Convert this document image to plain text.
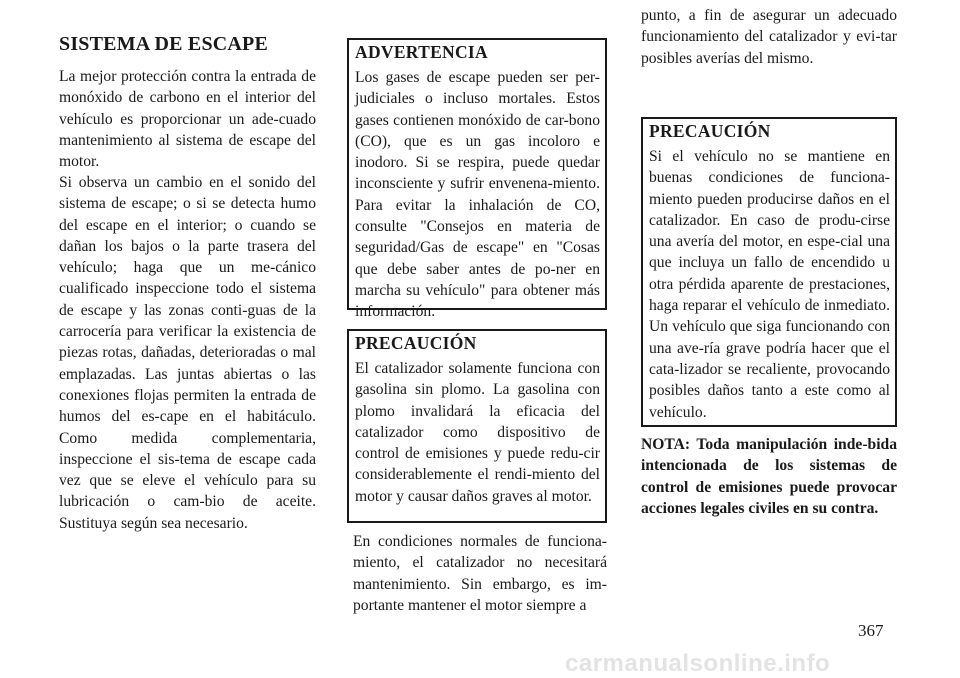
SISTEMA DE ESCAPE

La mejor protección contra la entrada de monóxido de carbono en el interior del vehículo es proporcionar un ade-cuado mantenimiento al sistema de escape del motor.

Si observa un cambio en el sonido del sistema de escape; o si se detecta humo del escape en el interior; o cuando se dañan los bajos o la parte trasera del vehículo; haga que un me-cánico cualificado inspeccione todo el sistema de escape y las zonas conti-guas de la carrocería para verificar la existencia de piezas rotas, dañadas, deterioradas o mal emplazadas. Las juntas abiertas o las conexiones flojas permiten la entrada de humos del es-cape en el habitáculo. Como medida complementaria, inspeccione el sis-tema de escape cada vez que se eleve el vehículo para su lubricación o cam-bio de aceite. Sustituya según sea necesario.

ADVERTENCIA

Los gases de escape pueden ser per-judiciales o incluso mortales. Estos gases contienen monóxido de car-bono (CO), que es un gas incoloro e inodoro. Si se respira, puede quedar inconsciente y sufrir envenena-miento. Para evitar la inhalación de CO, consulte "Consejos en materia de seguridad/Gas de escape" en "Cosas que debe saber antes de po-ner en marcha su vehículo" para obtener más información.

PRECAUCIÓN

El catalizador solamente funciona con gasolina sin plomo. La gasolina con plomo invalidará la eficacia del catalizador como dispositivo de control de emisiones y puede redu-cir considerablemente el rendi-miento del motor y causar daños graves al motor.

En condiciones normales de funciona-miento, el catalizador no necesitará mantenimiento. Sin embargo, es im-portante mantener el motor siempre a

punto, a fin de asegurar un adecuado funcionamiento del catalizador y evi-tar posibles averías del mismo.

PRECAUCIÓN

Si el vehículo no se mantiene en buenas condiciones de funciona-miento pueden producirse daños en el catalizador. En caso de produ-cirse una avería del motor, en espe-cial una que incluya un fallo de encendido u otra pérdida aparente de prestaciones, haga reparar el vehículo de inmediato. Un vehículo que siga funcionando con una ave-ría grave podría hacer que el cata-lizador se recaliente, provocando posibles daños tanto a este como al vehículo.

NOTA: Toda manipulación inde-bida intencionada de los sistemas de control de emisiones puede provocar acciones legales civiles en su contra.

367

carmanualsonline.info
